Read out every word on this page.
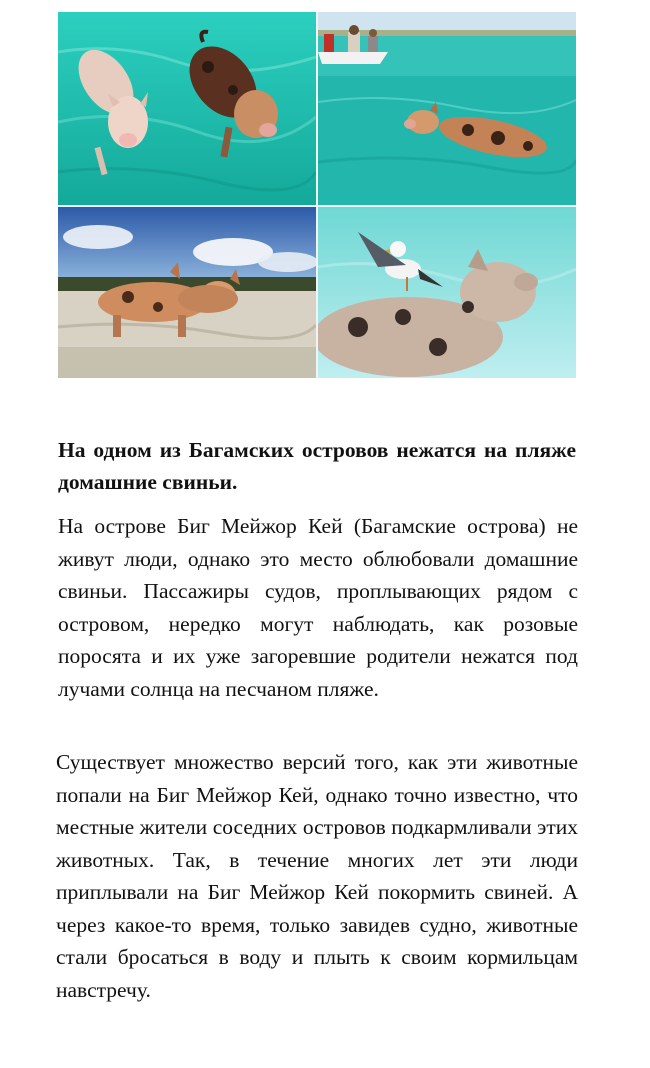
На одном из Багамских островов нежатся на пляже домашние свиньи.

На острове Биг Мейжор Кей (Багамские острова) не живут люди, однако это место облюбовали домашние свиньи. Пассажиры судов, проплывающих рядом с островом, нередко могут наблюдать, как розовые поросята и их уже загоревшие родители нежатся под лучами солнца на песчаном пляже.

Существует множество версий того, как эти животные попали на Биг Мейжор Кей, однако точно известно, что местные жители соседних островов подкармливали этих животных. Так, в течение многих лет эти люди приплывали на Биг Мейжор Кей покормить свиней. А через какое-то время, только завидев судно, животные стали бросаться в воду и плыть к своим кормильцам навстречу.
